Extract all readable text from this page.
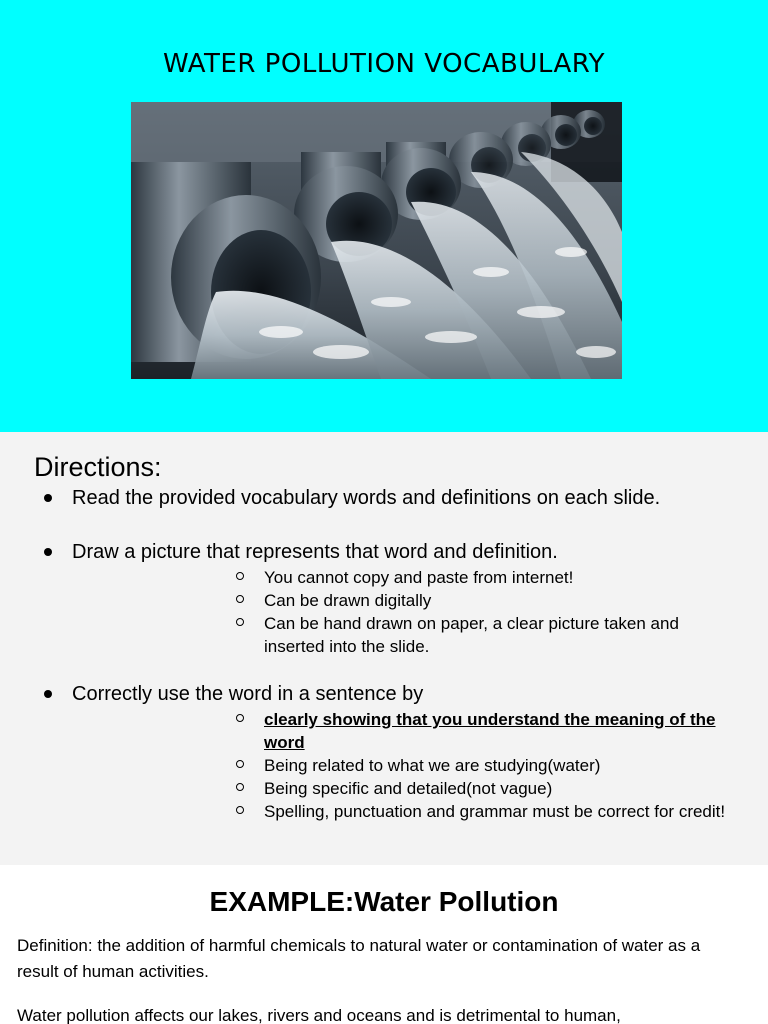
WATER POLLUTION VOCABULARY
Directions:
Read the provided vocabulary words and definitions on each slide.
Draw a picture that represents that word and definition.
You cannot copy and paste from internet!
Can be drawn digitally
Can be hand drawn on paper, a clear picture taken and inserted into the slide.
Correctly use the word in a sentence by
clearly showing that you understand the meaning of the word
Being related to what we are studying(water)
Being specific and detailed(not vague)
Spelling, punctuation and grammar must be correct for credit!
EXAMPLE:Water Pollution
Definition: the addition of harmful chemicals to natural water or contamination of water as a result of human activities.
Water pollution affects our lakes, rivers and oceans and is detrimental to human,
